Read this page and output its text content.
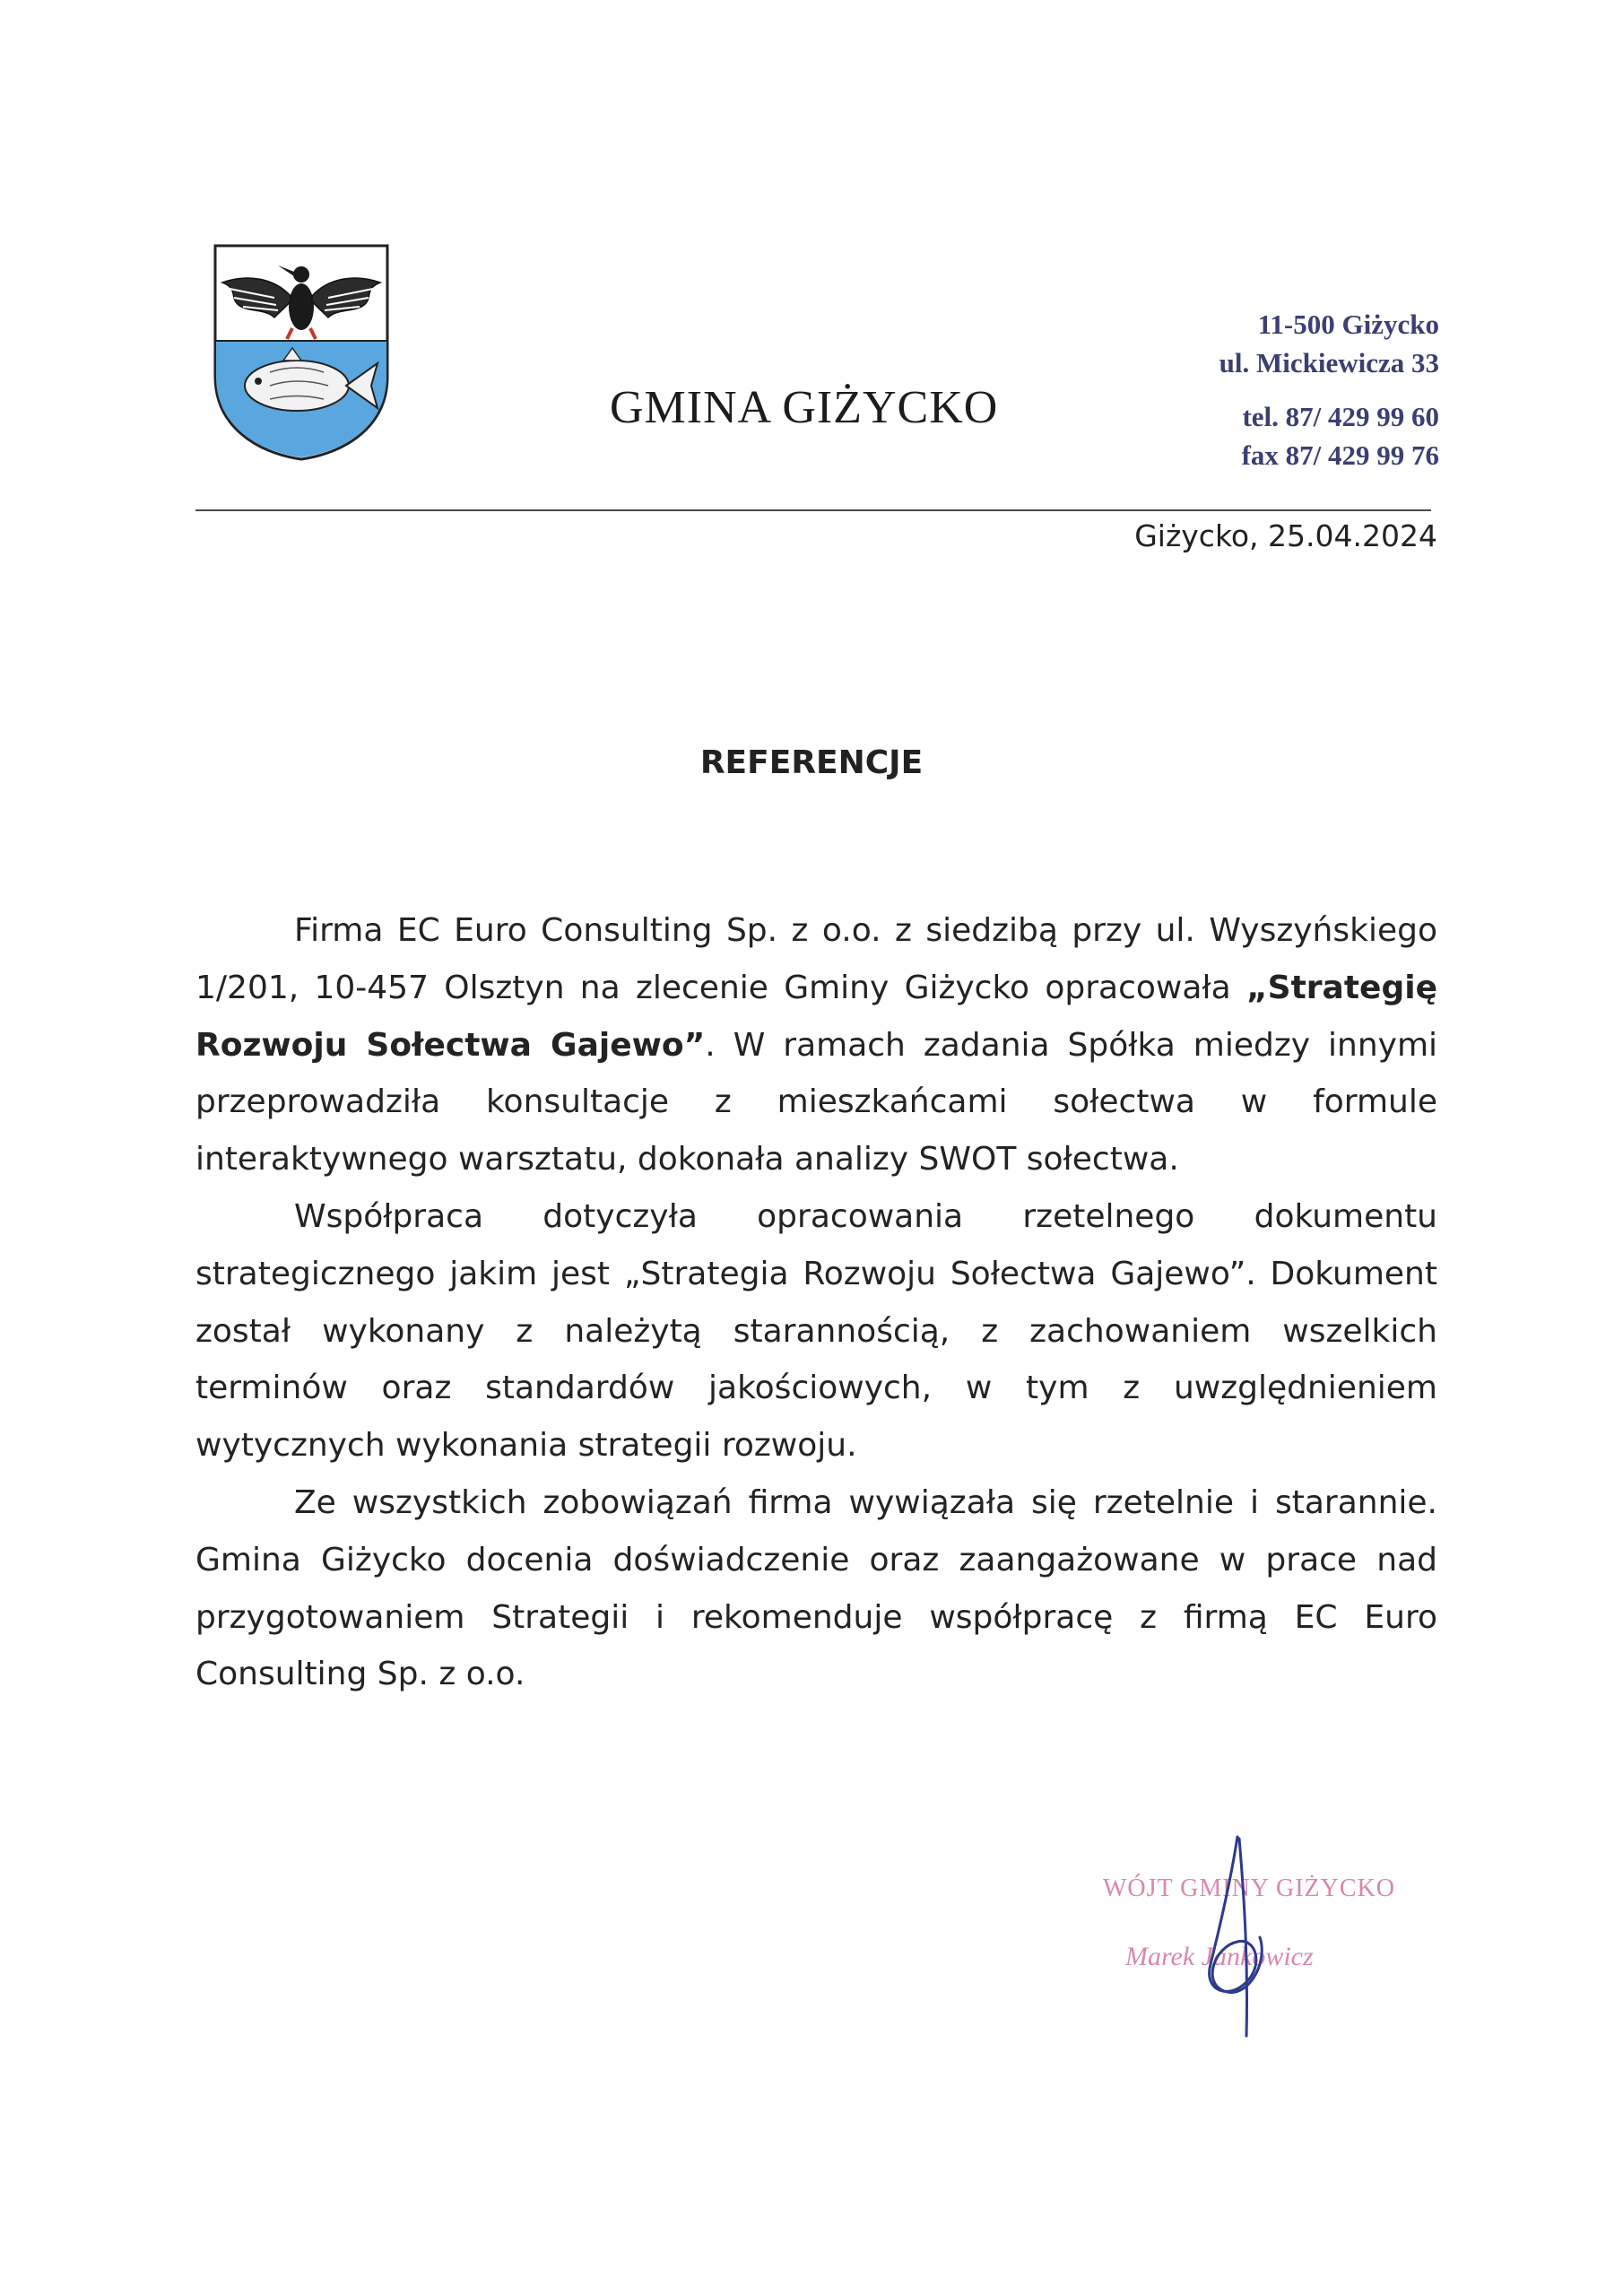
GMINA GIŻYCKO
11-500 Giżycko
ul. Mickiewicza 33
tel. 87/ 429 99 60
fax 87/ 429 99 76
Giżycko, 25.04.2024
REFERENCJE

Firma EC Euro Consulting Sp. z o.o. z siedzibą przy ul. Wyszyńskiego 1/201, 10-457 Olsztyn na zlecenie Gminy Giżycko opracowała „Strategię Rozwoju Sołectwa Gajewo”. W ramach zadania Spółka miedzy innymi przeprowadziła konsultacje z mieszkańcami sołectwa w formule interaktywnego warsztatu, dokonała analizy SWOT sołectwa.

Współpraca dotyczyła opracowania rzetelnego dokumentu strategicznego jakim jest „Strategia Rozwoju Sołectwa Gajewo”. Dokument został wykonany z należytą starannością, z zachowaniem wszelkich terminów oraz standardów jakościowych, w tym z uwzględnieniem wytycznych wykonania strategii rozwoju.

Ze wszystkich zobowiązań firma wywiązała się rzetelnie i starannie. Gmina Giżycko docenia doświadczenie oraz zaangażowane w prace nad przygotowaniem Strategii i rekomenduje współpracę z firmą EC Euro Consulting Sp. z o.o.

WÓJT GMINY GIŻYCKO
Marek Jankowicz
